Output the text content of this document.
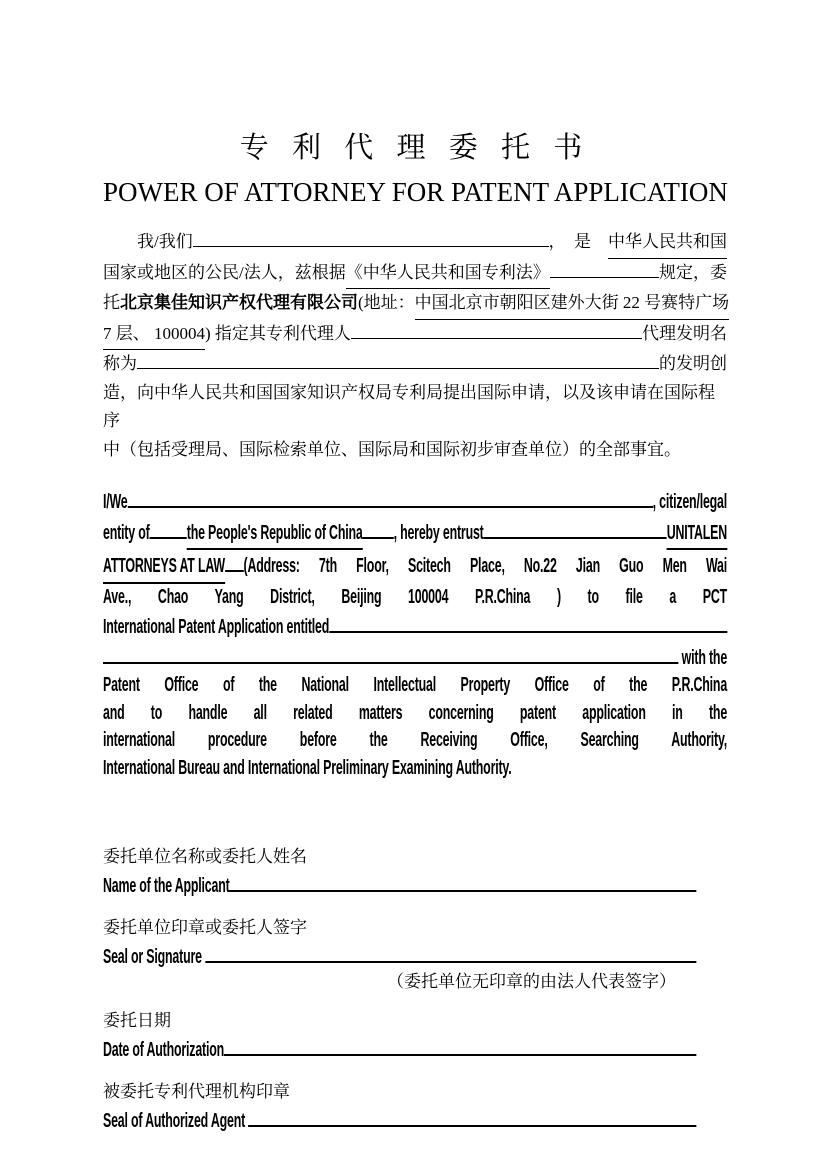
专 利 代 理 委 托 书
POWER OF ATTORNEY FOR PATENT APPLICATION
　　我/我们	，　是　 中华人民共和国
国家或地区的公民/法人，兹根据 《中华人民共和国专利法》	规定，委
托 北京集佳知识产权代理有限公司 (地址： 中国北京市朝阳区建外大街 22 号赛特广场
7 层、 100004 ) 指定其专利代理人	代理发明名
称为	的发明创
造，向中华人民共和国国家知识产权局专利局提出国际申请，以及该申请在国际程序
中（包括受理局、国际检索单位、国际局和国际初步审查单位）的全部事宜。
I/We	, citizen/legal
entity of the People's Republic of China , hereby entrust	UNITALEN
ATTORNEYS AT LAW (Address: 7th Floor, Scitech Place, No.22 Jian Guo Men Wai
Ave., Chao Yang District, Beijing 100004 P.R.China ) to file a PCT
International Patent Application entitled
with the
Patent Office of the National Intellectual Property Office of the P.R.China
and to handle all related matters concerning patent application in the
international procedure before the Receiving Office, Searching Authority,
International Bureau and International Preliminary Examining Authority.
委托单位名称或委托人姓名
Name of the Applicant
委托单位印章或委托人签字
Seal or Signature
（委托单位无印章的由法人代表签字）
委托日期
Date of Authorization
被委托专利代理机构印章
Seal of Authorized Agent
